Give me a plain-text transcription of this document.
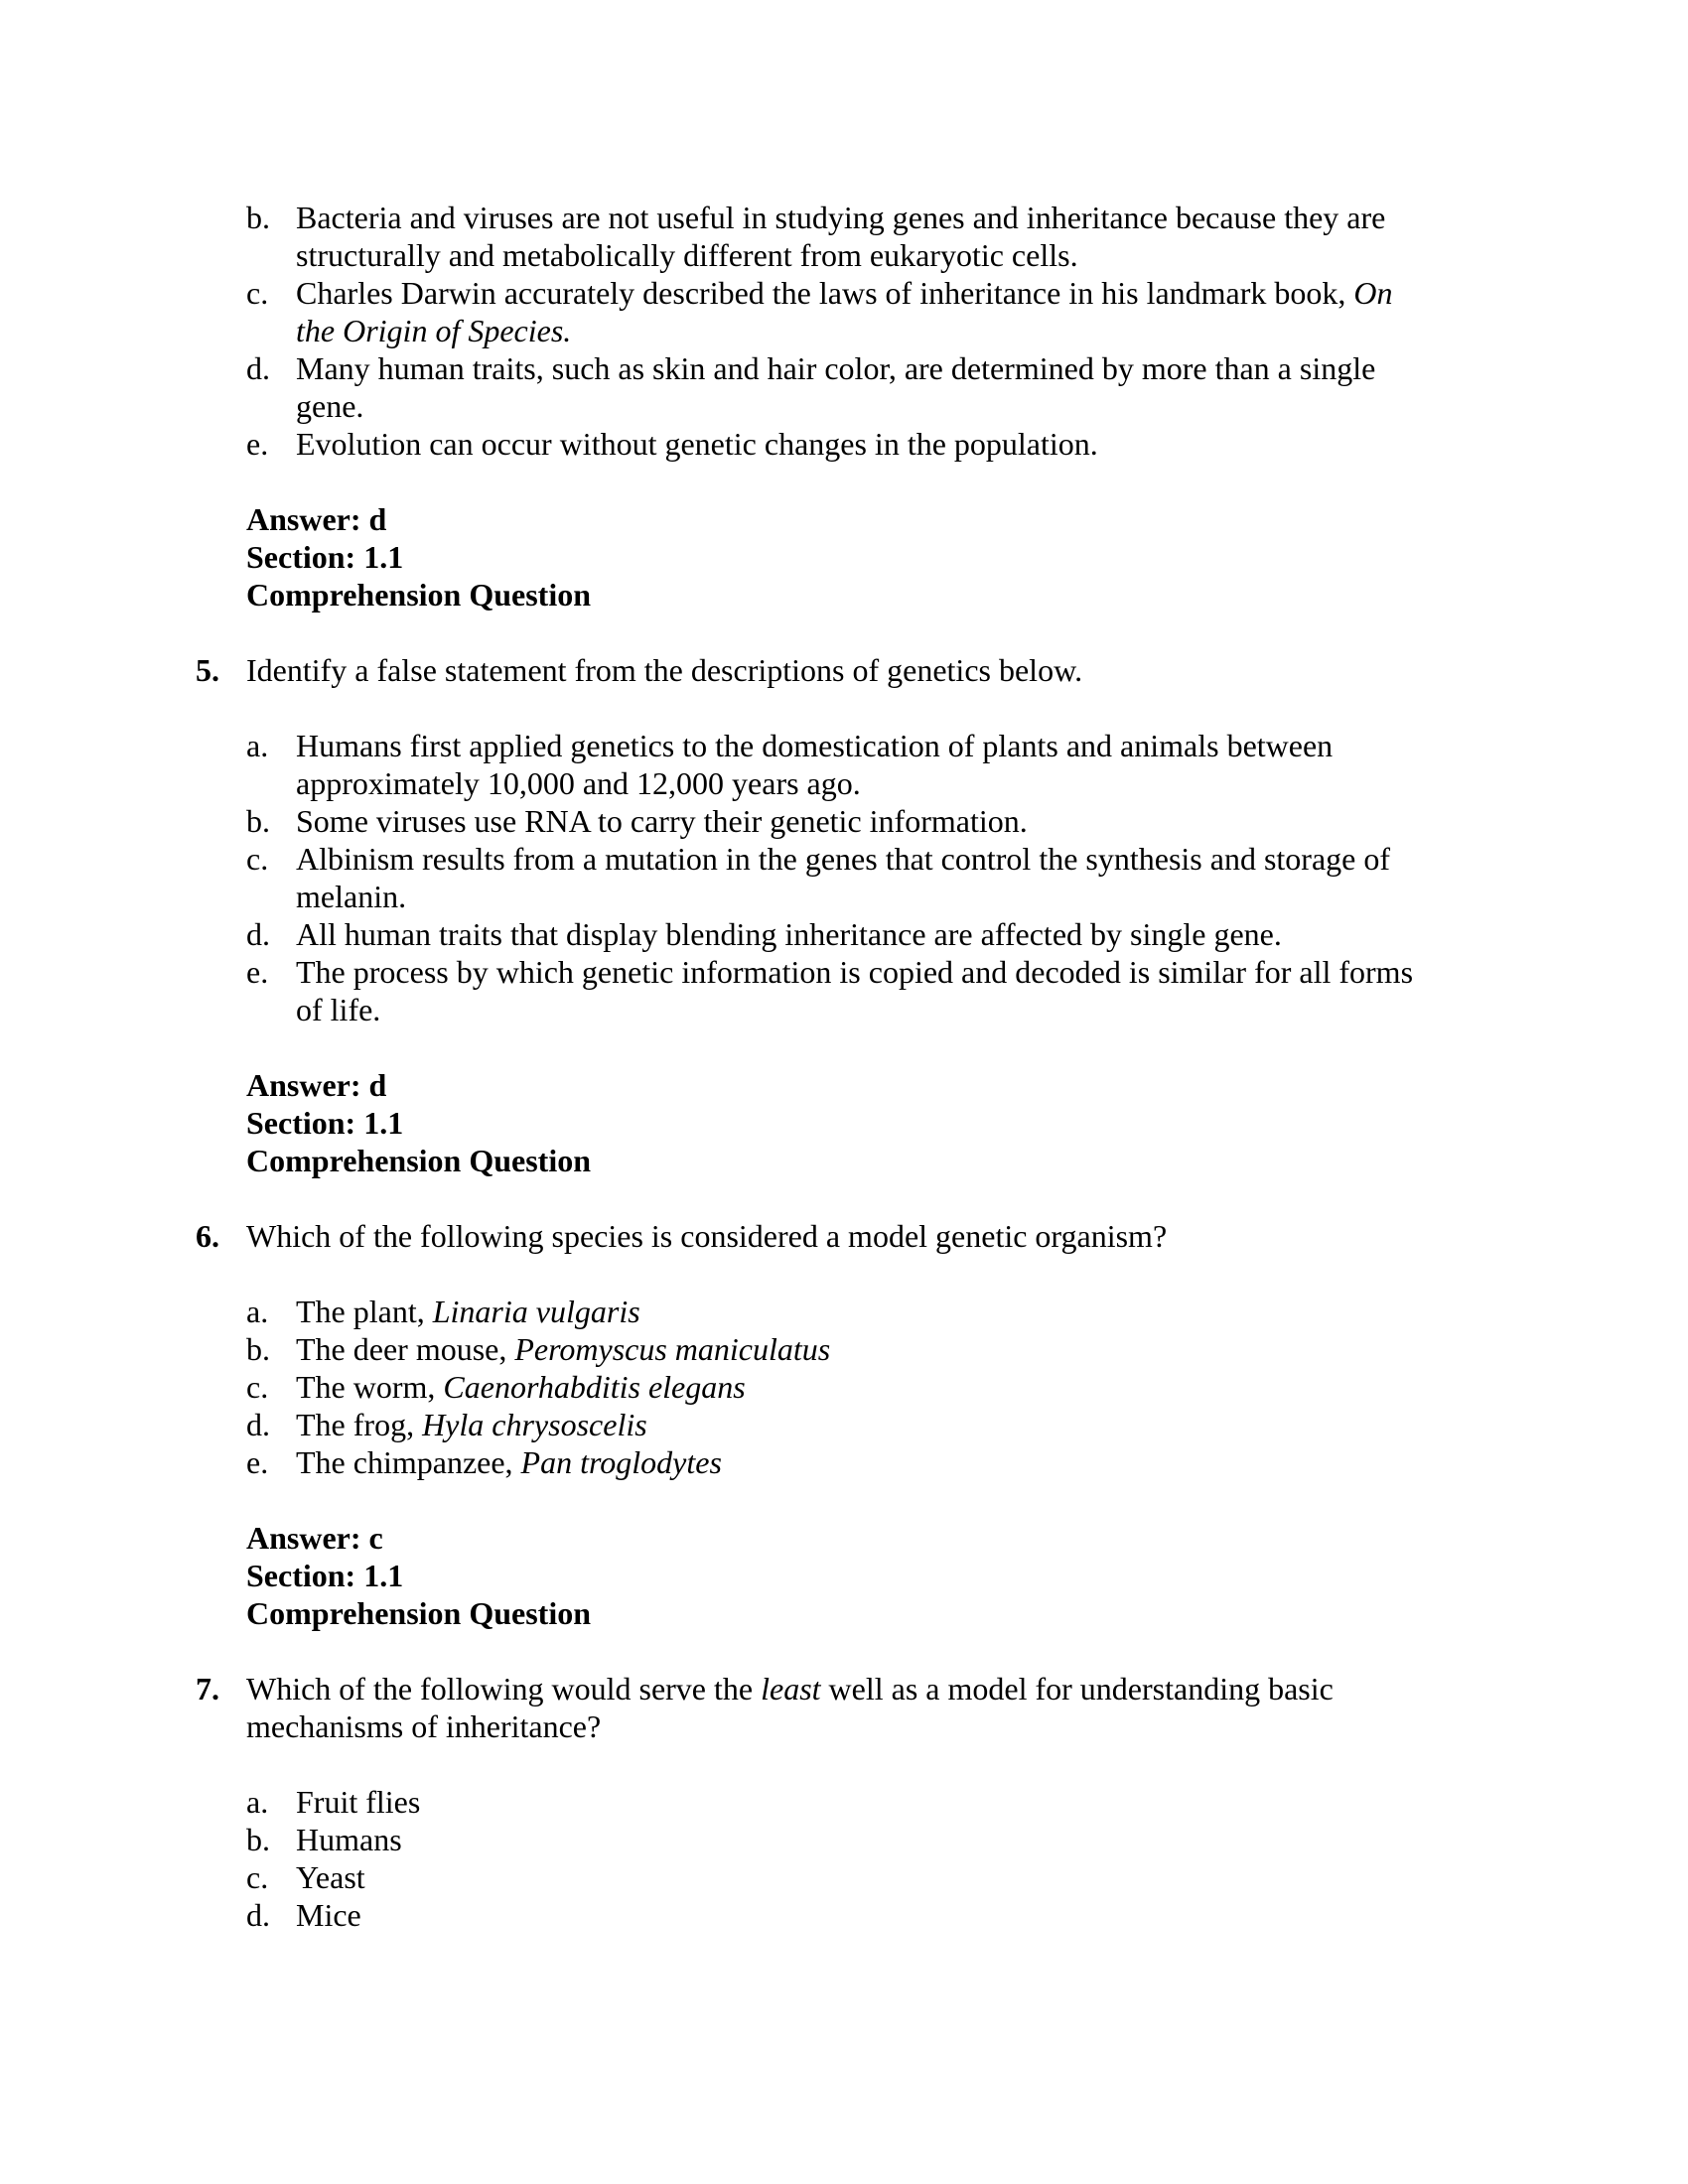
b. Bacteria and viruses are not useful in studying genes and inheritance because they are
structurally and metabolically different from eukaryotic cells.
c. Charles Darwin accurately described the laws of inheritance in his landmark book, On
the Origin of Species.
d. Many human traits, such as skin and hair color, are determined by more than a single
gene.
e. Evolution can occur without genetic changes in the population.
Answer: d
Section: 1.1
Comprehension Question
5. Identify a false statement from the descriptions of genetics below.
a. Humans first applied genetics to the domestication of plants and animals between
approximately 10,000 and 12,000 years ago.
b. Some viruses use RNA to carry their genetic information.
c. Albinism results from a mutation in the genes that control the synthesis and storage of
melanin.
d. All human traits that display blending inheritance are affected by single gene.
e. The process by which genetic information is copied and decoded is similar for all forms
of life.
Answer: d
Section: 1.1
Comprehension Question
6. Which of the following species is considered a model genetic organism?
a. The plant, Linaria vulgaris
b. The deer mouse, Peromyscus maniculatus
c. The worm, Caenorhabditis elegans
d. The frog, Hyla chrysoscelis
e. The chimpanzee, Pan troglodytes
Answer: c
Section: 1.1
Comprehension Question
7. Which of the following would serve the least well as a model for understanding basic
mechanisms of inheritance?
a. Fruit flies
b. Humans
c. Yeast
d. Mice
